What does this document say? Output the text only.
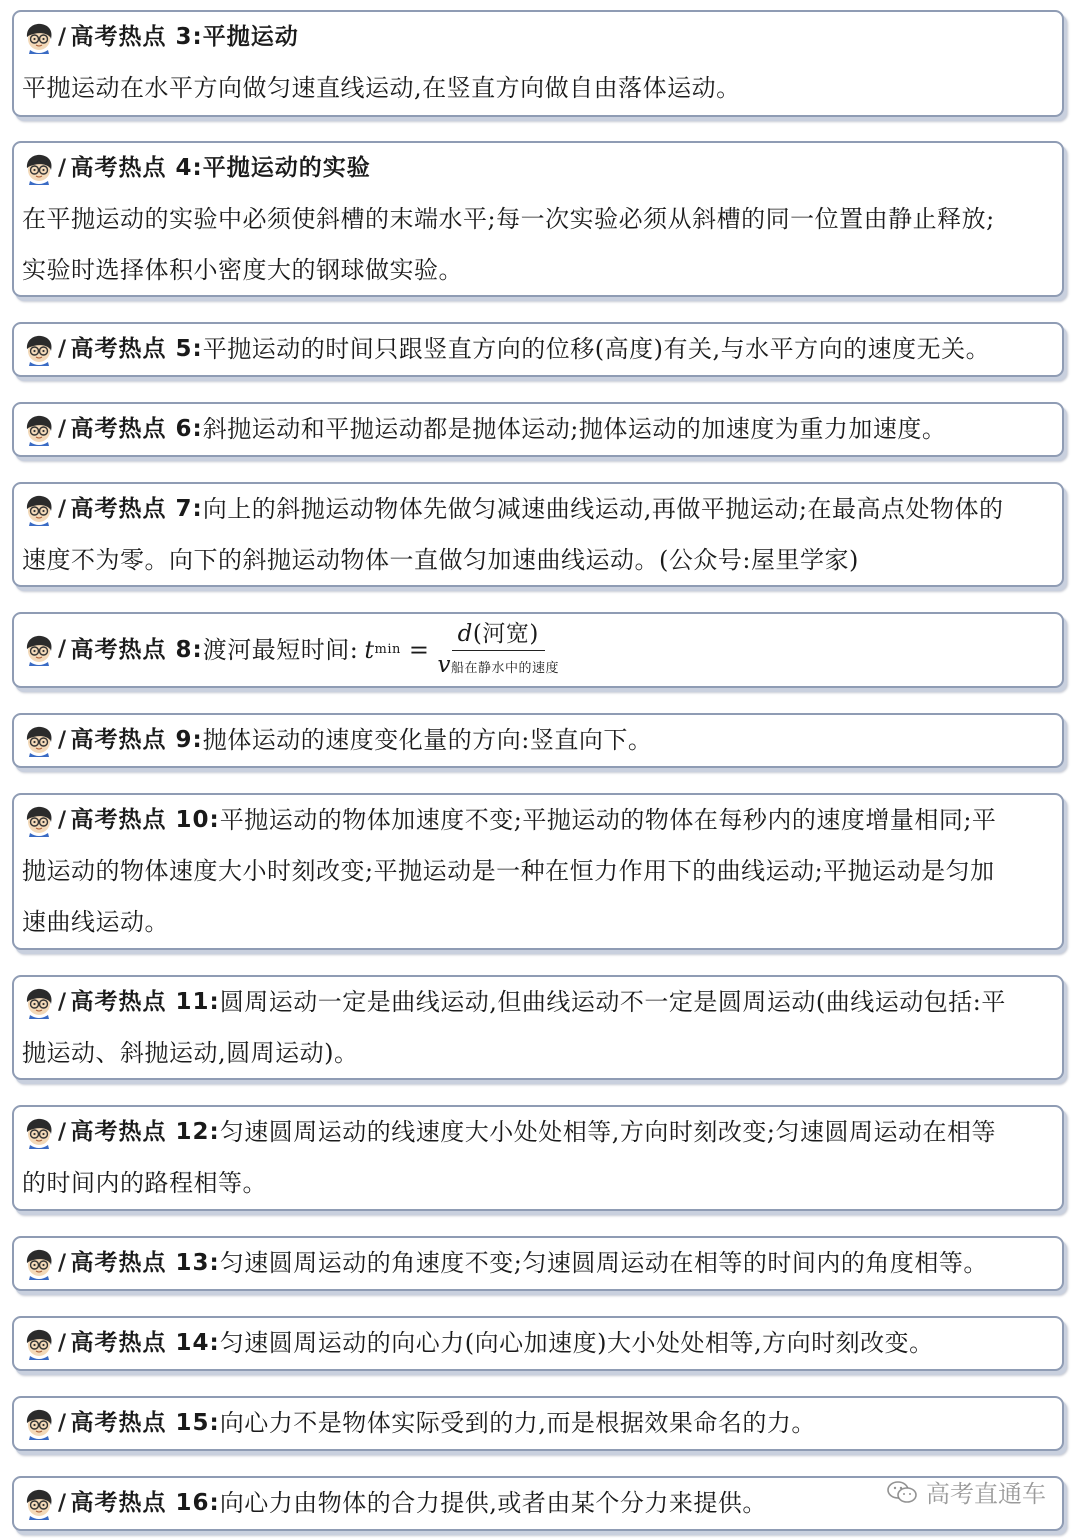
/ 高考热点 3: 平抛运动
平抛运动在水平方向做匀速直线运动,在竖直方向做自由落体运动。
/ 高考热点 4: 平抛运动的实验
在平抛运动的实验中必须使斜槽的末端水平;每一次实验必须从斜槽的同一位置由静止释放;
实验时选择体积小密度大的钢球做实验。
/ 高考热点 5: 平抛运动的时间只跟竖直方向的位移(高度)有关,与水平方向的速度无关。
/ 高考热点 6: 斜抛运动和平抛运动都是抛体运动;抛体运动的加速度为重力加速度。
/ 高考热点 7: 向上的斜抛运动物体先做匀减速曲线运动,再做平抛运动;在最高点处物体的
速度不为零。向下的斜抛运动物体一直做匀加速曲线运动。(公众号:屋里学家)
/ 高考热点 8: 渡河最短时间: t $\min = \frac{\text{d(河宽)}}{\text{v船在静水中的速度}}$
/ 高考热点 9: 抛体运动的速度变化量的方向:竖直向下。
/ 高考热点 10: 平抛运动的物体加速度不变;平抛运动的物体在每秒内的速度增量相同;平
抛运动的物体速度大小时刻改变;平抛运动是一种在恒力作用下的曲线运动;平抛运动是匀加
速曲线运动。
/ 高考热点 11: 圆周运动一定是曲线运动,但曲线运动不一定是圆周运动(曲线运动包括:平
抛运动、斜抛运动,圆周运动)。
/ 高考热点 12: 匀速圆周运动的线速度大小处处相等,方向时刻改变;匀速圆周运动在相等
的时间内的路程相等。
/ 高考热点 13: 匀速圆周运动的角速度不变;匀速圆周运动在相等的时间内的角度相等。
/ 高考热点 14: 匀速圆周运动的向心力(向心加速度)大小处处相等,方向时刻改变。
/ 高考热点 15: 向心力不是物体实际受到的力,而是根据效果命名的力。
/ 高考热点 16: 向心力由物体的合力提供,或者由某个分力来提供。	高考直通车
